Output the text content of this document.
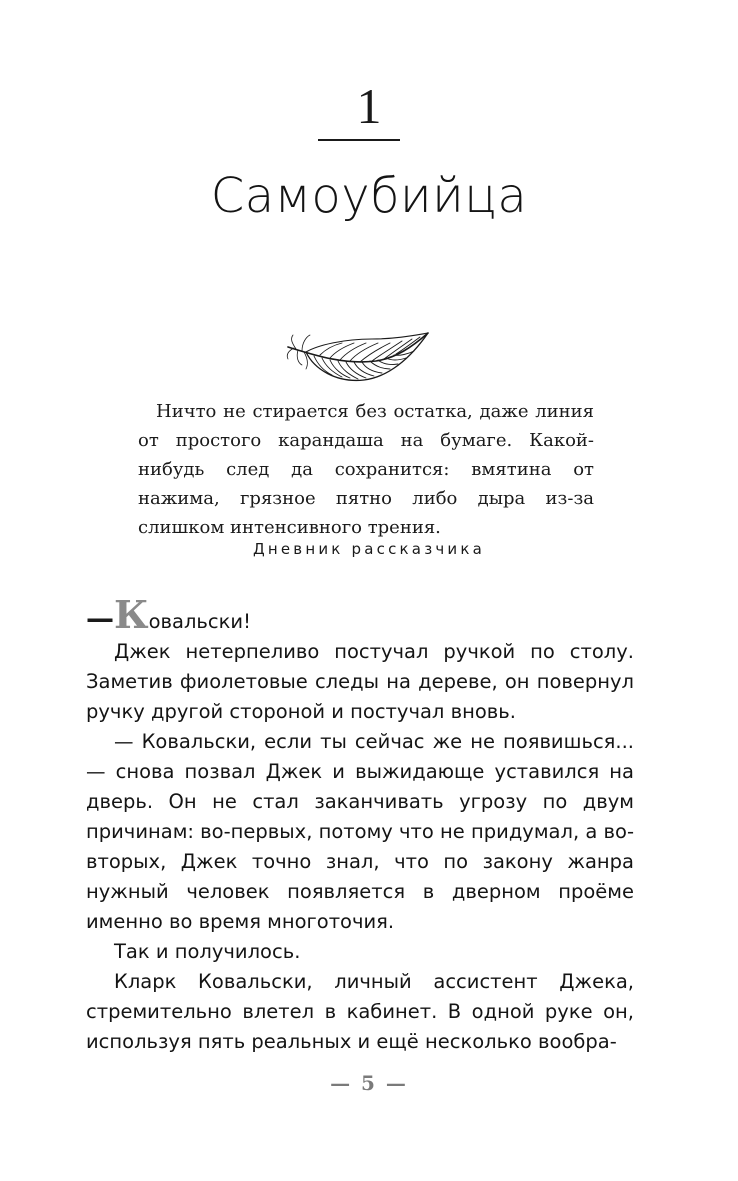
1
Самоубийца

Ничто не стирается без остатка, даже линия от простого карандаша на бумаге. Какой-нибудь след да сохранится: вмятина от нажима, грязное пятно либо дыра из-за слишком интенсивного трения.

Дневник рассказчика

—Ковальски!

Джек нетерпеливо постучал ручкой по столу. Заметив фиолетовые следы на дереве, он повернул ручку другой стороной и постучал вновь.

— Ковальски, если ты сейчас же не появишься... — снова позвал Джек и выжидающе уставился на дверь. Он не стал заканчивать угрозу по двум причинам: во-первых, потому что не придумал, а во-вторых, Джек точно знал, что по закону жанра нужный человек появляется в дверном проёме именно во время многоточия.

Так и получилось.

Кларк Ковальски, личный ассистент Джека, стремительно влетел в кабинет. В одной руке он, используя пять реальных и ещё несколько вообра-

— 5 —
